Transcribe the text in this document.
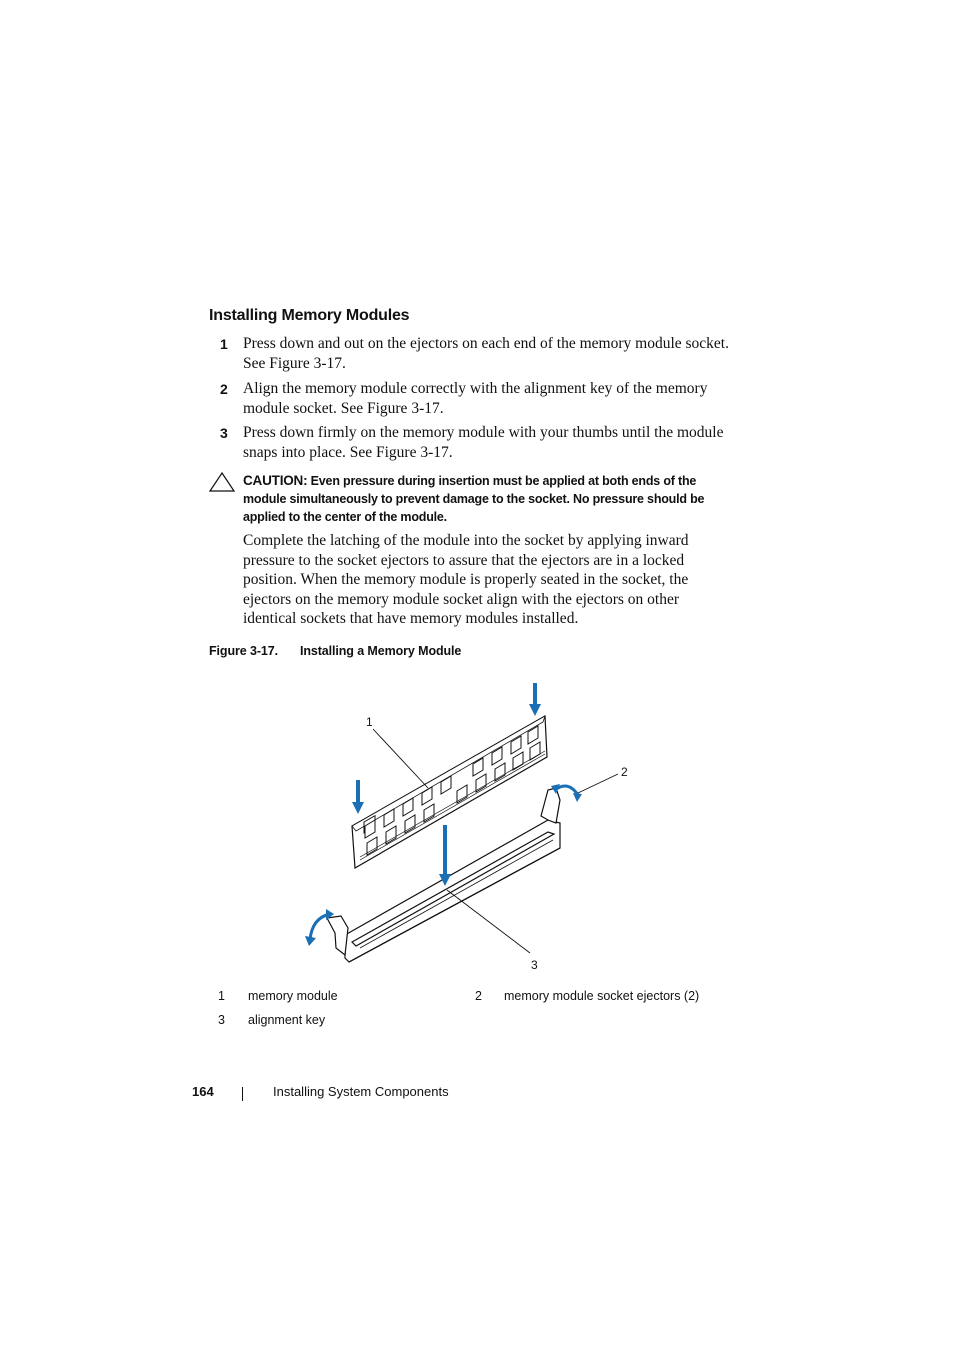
Installing Memory Modules
1 Press down and out on the ejectors on each end of the memory module socket. See Figure 3-17.
2 Align the memory module correctly with the alignment key of the memory module socket. See Figure 3-17.
3 Press down firmly on the memory module with your thumbs until the module snaps into place. See Figure 3-17.
CAUTION: Even pressure during insertion must be applied at both ends of the module simultaneously to prevent damage to the socket. No pressure should be applied to the center of the module.
Complete the latching of the module into the socket by applying inward pressure to the socket ejectors to assure that the ejectors are in a locked position. When the memory module is properly seated in the socket, the ejectors on the memory module socket align with the ejectors on other identical sockets that have memory modules installed.
Figure 3-17. Installing a Memory Module
1
2
3
1 memory module	2 memory module socket ejectors (2)
3 alignment key
164	Installing System Components
